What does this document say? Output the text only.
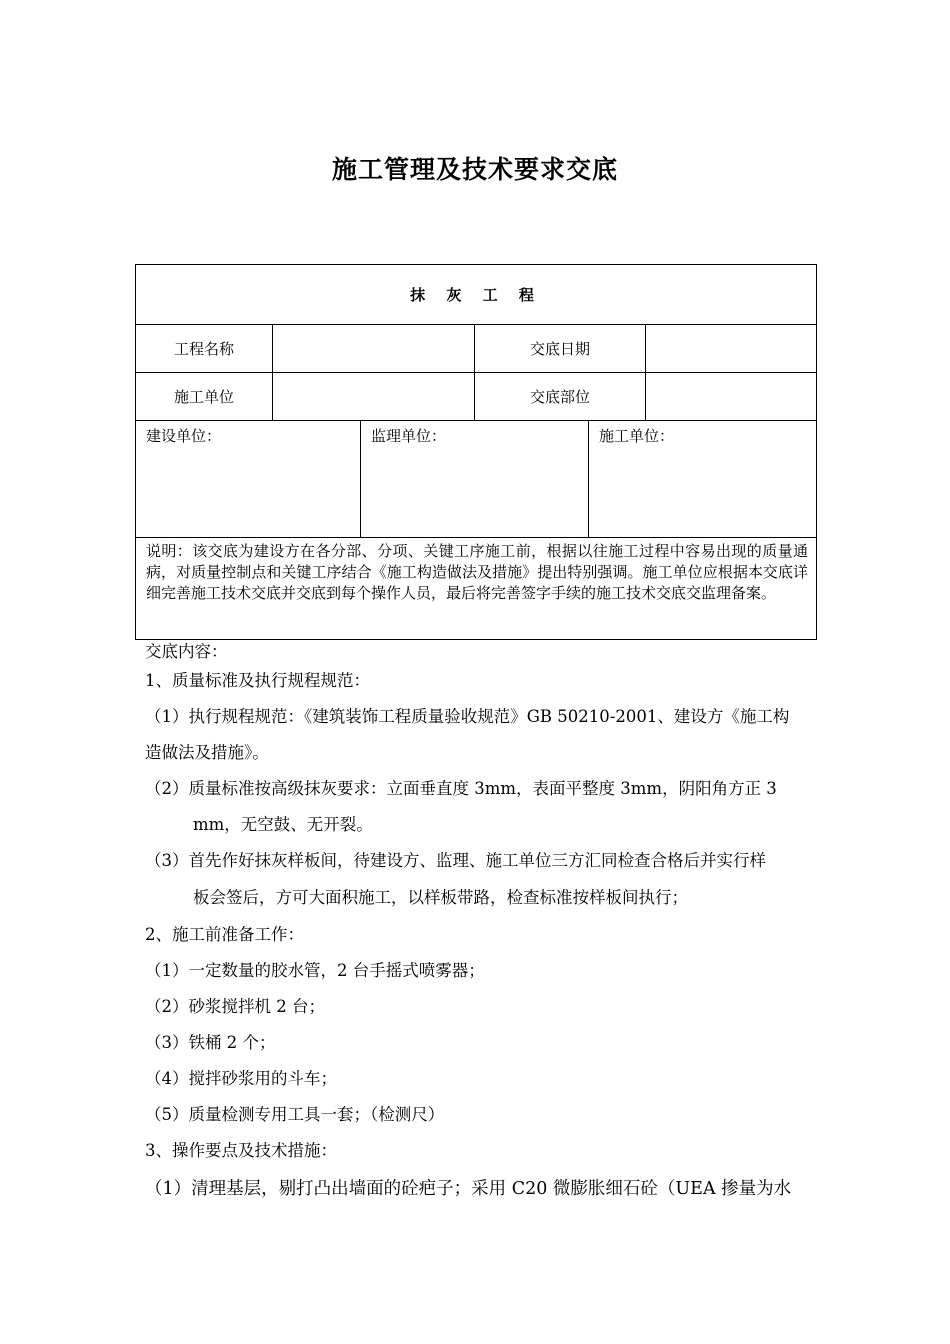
施工管理及技术要求交底
抹 灰 工 程					
工程名称			交底日期		
施工单位			交底部位		
建设单位：		监理单位：		施工单位：	
说明：该交底为建设方在各分部、分项、关键工序施工前，根据以往施工过程中容易出现的质量通病，对质量控制点和关键工序结合《施工构造做法及措施》提出特别强调。施工单位应根据本交底详细完善施工技术交底并交底到每个操作人员，最后将完善签字手续的施工技术交底交监理备案。					

交底内容：

1、质量标准及执行规程规范：

（1）执行规程规范：《建筑装饰工程质量验收规范》GB 50210-2001、建设方《施工构

造做法及措施》。

（2）质量标准按高级抹灰要求：立面垂直度 3mm，表面平整度 3mm，阴阳角方正 3

mm，无空鼓、无开裂。

（3）首先作好抹灰样板间，待建设方、监理、施工单位三方汇同检查合格后并实行样

板会签后，方可大面积施工，以样板带路，检查标准按样板间执行；

2、施工前准备工作：

（1）一定数量的胶水管，2 台手摇式喷雾器；

（2）砂浆搅拌机 2 台；

（3）铁桶 2 个；

（4）搅拌砂浆用的斗车；

（5）质量检测专用工具一套；（检测尺）

3、操作要点及技术措施：

（1）清理基层，剔打凸出墙面的砼疤子；采用 C20 微膨胀细石砼（UEA 掺量为水
